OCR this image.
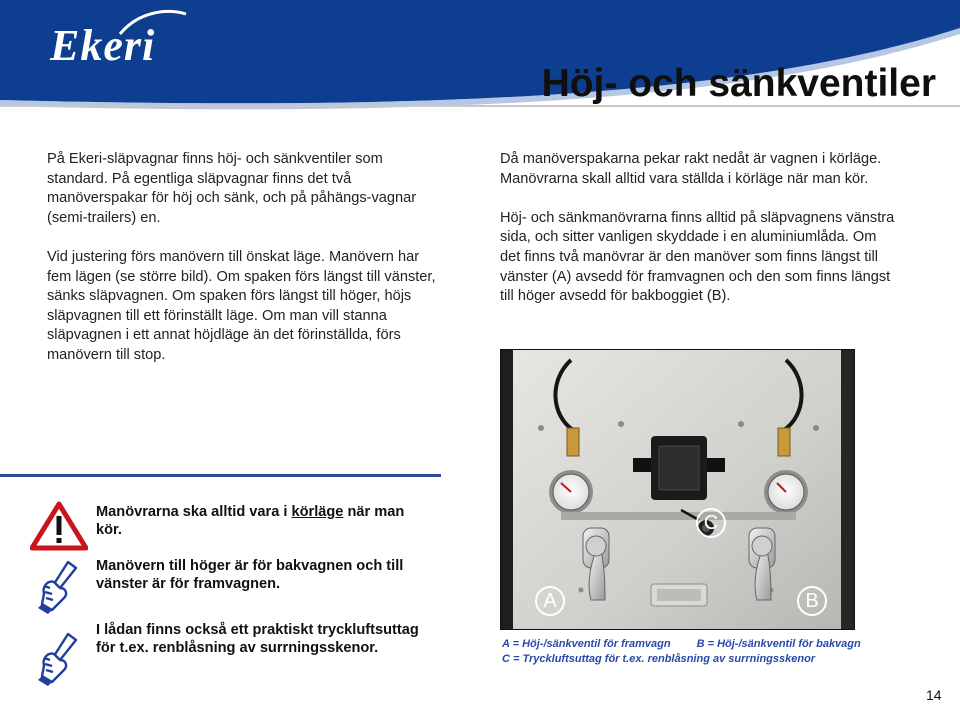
Ekeri
Höj- och sänkventiler

På Ekeri-släpvagnar finns höj- och sänkventiler som standard. På egentliga släpvagnar finns det två manöverspakar för höj och sänk, och på påhängs-vagnar (semi-trailers) en.

Vid justering förs manövern till önskat läge. Manövern har fem lägen (se större bild). Om spaken förs längst till vänster, sänks släpvagnen. Om spaken förs längst till höger, höjs släpvagnen till ett förinställt läge. Om man vill stanna släpvagnen i ett annat höjdläge än det förinställda, förs manövern till stop.

Då manöverspakarna pekar rakt nedåt är vagnen i körläge. Manövrarna skall alltid vara ställda i körläge när man kör.

Höj- och sänkmanövrarna finns alltid på släpvagnens vänstra sida, och sitter vanligen skyddade i en aluminiumlåda. Om det finns två manövrar är den manöver som finns längst till vänster (A) avsedd för framvagnen och den som finns längst till höger avsedd för bakboggiet (B).

Manövrarna ska alltid vara i körläge när man kör.
Manövern till höger är för bakvagnen och till vänster är för framvagnen.
I lådan finns också ett praktiskt tryckluftsuttag för t.ex. renblåsning av surrningsskenor.
C
A	B
A = Höj-/sänkventil för framvagn B = Höj-/sänkventil för bakvagn
C = Tryckluftsuttag för t.ex. renblåsning av surrningsskenor
14
